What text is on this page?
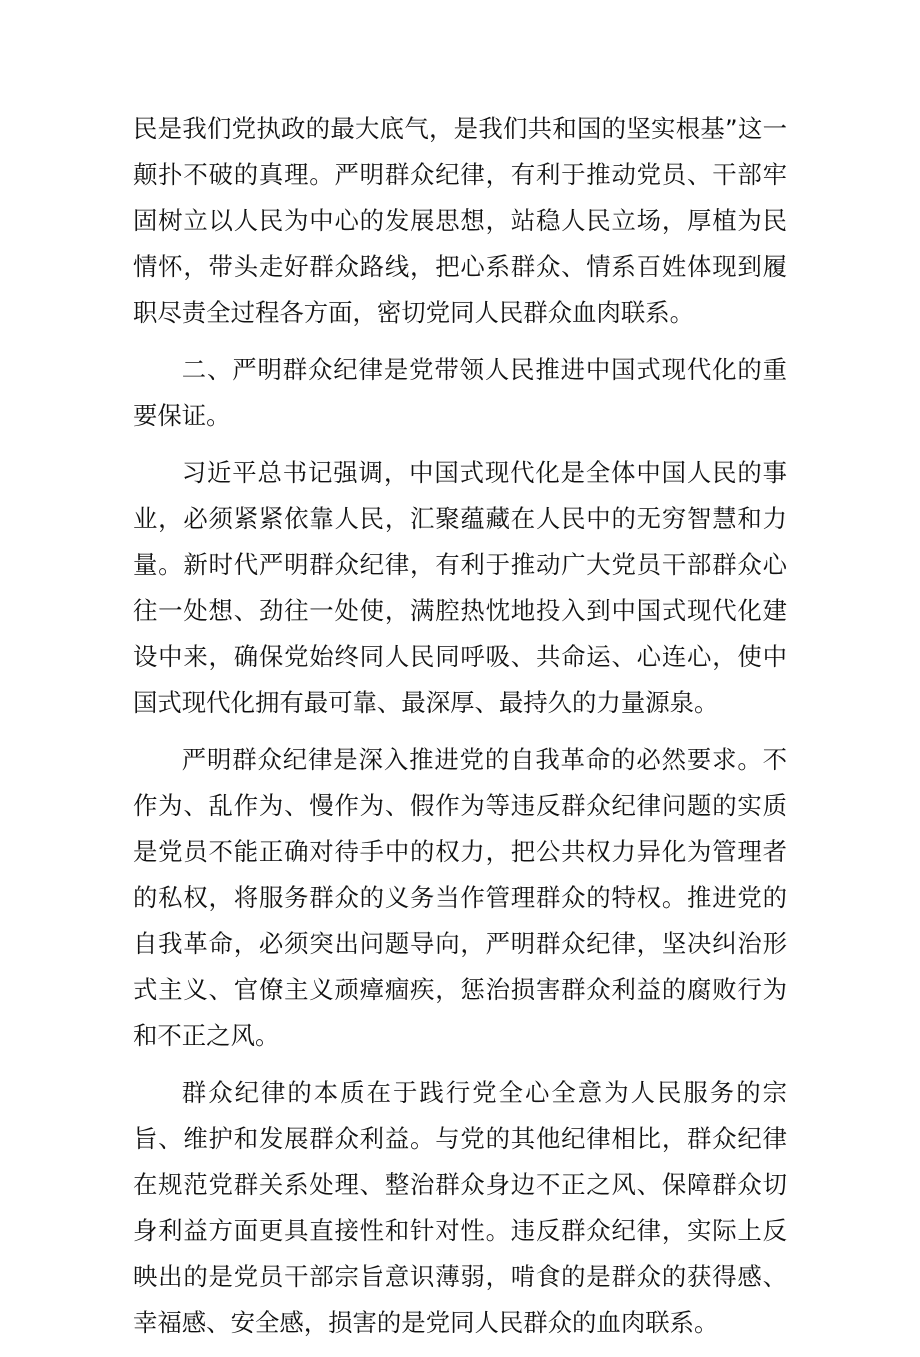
民是我们党执政的最大底气，是我们共和国的坚实根基”这一颠扑不破的真理。严明群众纪律，有利于推动党员、干部牢固树立以人民为中心的发展思想，站稳人民立场，厚植为民情怀，带头走好群众路线，把心系群众、情系百姓体现到履职尽责全过程各方面，密切党同人民群众血肉联系。

二、严明群众纪律是党带领人民推进中国式现代化的重要保证。

习近平总书记强调，中国式现代化是全体中国人民的事业，必须紧紧依靠人民，汇聚蕴藏在人民中的无穷智慧和力量。新时代严明群众纪律，有利于推动广大党员干部群众心往一处想、劲往一处使，满腔热忱地投入到中国式现代化建设中来，确保党始终同人民同呼吸、共命运、心连心，使中国式现代化拥有最可靠、最深厚、最持久的力量源泉。

严明群众纪律是深入推进党的自我革命的必然要求。不作为、乱作为、慢作为、假作为等违反群众纪律问题的实质是党员不能正确对待手中的权力，把公共权力异化为管理者的私权，将服务群众的义务当作管理群众的特权。推进党的自我革命，必须突出问题导向，严明群众纪律，坚决纠治形式主义、官僚主义顽瘴痼疾，惩治损害群众利益的腐败行为和不正之风。

群众纪律的本质在于践行党全心全意为人民服务的宗旨、维护和发展群众利益。与党的其他纪律相比，群众纪律在规范党群关系处理、整治群众身边不正之风、保障群众切身利益方面更具直接性和针对性。违反群众纪律，实际上反映出的是党员干部宗旨意识薄弱，啃食的是群众的获得感、幸福感、安全感，损害的是党同人民群众的血肉联系。
